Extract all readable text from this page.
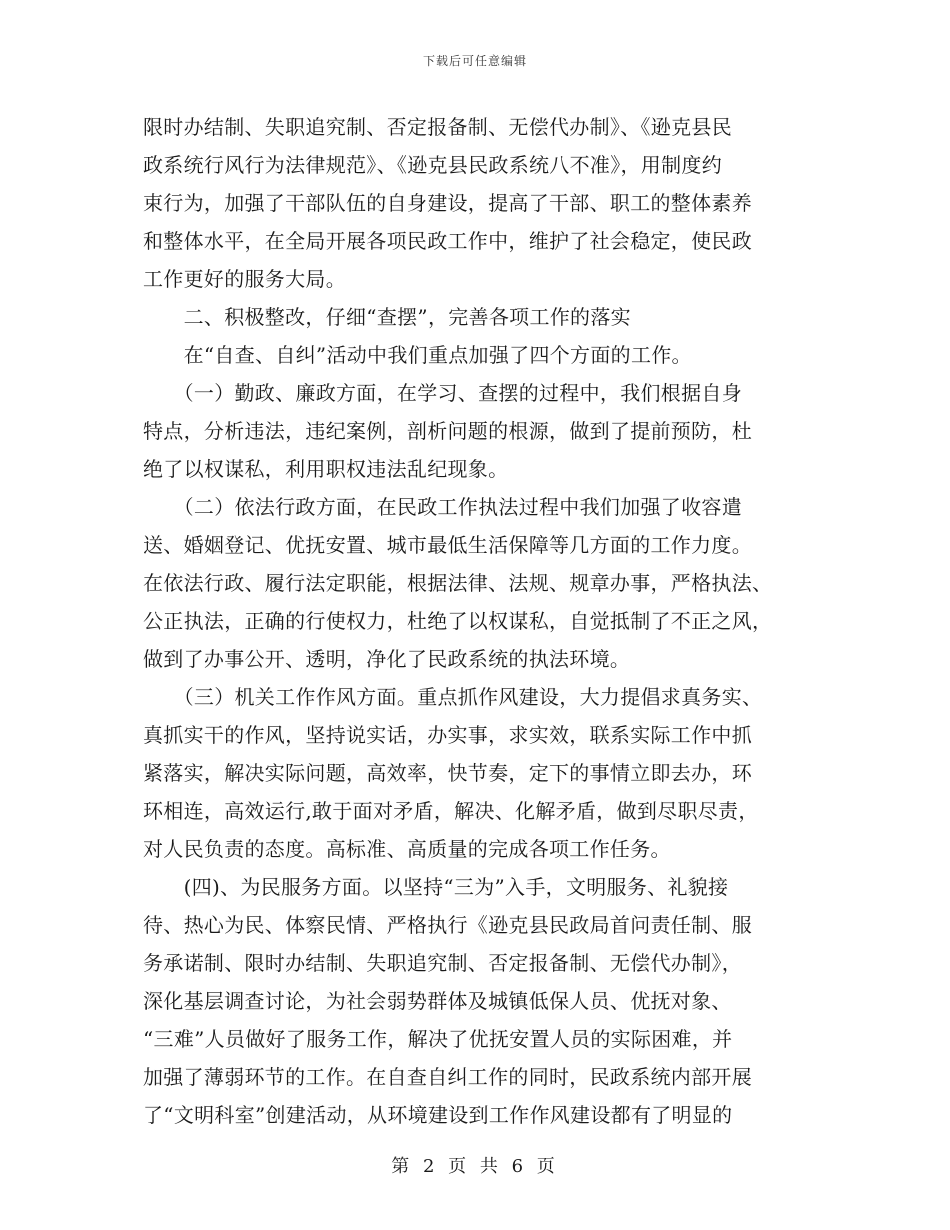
下载后可任意编辑
限时办结制、失职追究制、否定报备制、无偿代办制》、《逊克县民
政系统行风行为法律规范》、《逊克县民政系统八不准》，用制度约
束行为，加强了干部队伍的自身建设，提高了干部、职工的整体素养
和整体水平，在全局开展各项民政工作中，维护了社会稳定，使民政
工作更好的服务大局。
　　二、积极整改，仔细“查摆”，完善各项工作的落实
　　在“自查、自纠”活动中我们重点加强了四个方面的工作。
　　（一）勤政、廉政方面，在学习、查摆的过程中，我们根据自身
特点，分析违法，违纪案例，剖析问题的根源，做到了提前预防，杜
绝了以权谋私，利用职权违法乱纪现象。
　　（二）依法行政方面，在民政工作执法过程中我们加强了收容遣
送、婚姻登记、优抚安置、城市最低生活保障等几方面的工作力度。
在依法行政、履行法定职能，根据法律、法规、规章办事，严格执法、
公正执法，正确的行使权力，杜绝了以权谋私，自觉抵制了不正之风，
做到了办事公开、透明，净化了民政系统的执法环境。
　　（三）机关工作作风方面。重点抓作风建设，大力提倡求真务实、
真抓实干的作风，坚持说实话，办实事，求实效，联系实际工作中抓
紧落实，解决实际问题，高效率，快节奏，定下的事情立即去办，环
环相连，高效运行,敢于面对矛盾，解决、化解矛盾，做到尽职尽责，
对人民负责的态度。高标准、高质量的完成各项工作任务。
　　(四)、为民服务方面。以坚持“三为”入手，文明服务、礼貌接
待、热心为民、体察民情、严格执行《逊克县民政局首问责任制、服
务承诺制、限时办结制、失职追究制、否定报备制、无偿代办制》，
深化基层调查讨论，为社会弱势群体及城镇低保人员、优抚对象、
“三难”人员做好了服务工作，解决了优抚安置人员的实际困难，并
加强了薄弱环节的工作。在自查自纠工作的同时，民政系统内部开展
了“文明科室”创建活动，从环境建设到工作作风建设都有了明显的
第 2 页 共 6 页
